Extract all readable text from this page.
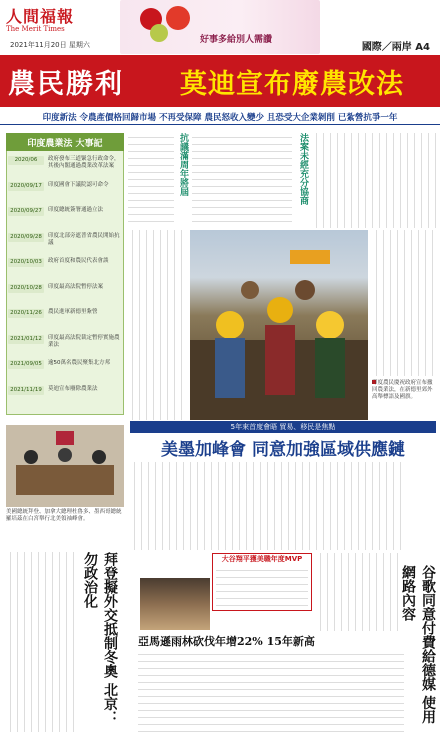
人間福報
The Merit Times
2021年11月20日 星期六	好事多給別人需讚
國際／兩岸 A4
農民勝利 莫迪宣布廢農改法
印度新法 令農產價格回歸市場 不再受保障 農民怒收入變少 且恐受大企業剝削 已紮營抗爭一年
印度農業法 大事記
2020/06	政府發布三道緊急行政命令，其後內閣通過農業改革法案
2020/09/17	印度國會下議院認可命令
2020/09/27	印度總統簽署通過立法
2020/09/28	印度北部旁遮普省農民開始抗議
2020/10/03	政府首度和農民代表會談
2020/10/28	印度最高法院暫停法案
2020/11/26	農民進軍新德里紮營
2021/01/12	印度最高法院裁定暫停實施農業法
2021/09/05	逾50萬名農民聚集北方邦
2021/11/19	莫迪宣布廢除農業法
抗議滿周年將屆	法案未經充分協商
印度農民慶祝政府宣布撤回農業法，在新德里郊外高舉標語及國旗。
5年來首度會晤 貿易、移民是焦點
美墨加峰會 同意加強區域供應鏈
美國總統拜登、加拿大總理杜魯多、墨西哥總統羅培茲在白宮舉行北美領袖峰會。
拜登擬外交抵制冬奧 北京：勿政治化	大谷翔平獲美職年度MVP
亞馬遜雨林砍伐年增22% 15年新高	谷歌同意付費給德媒 使用網路內容
